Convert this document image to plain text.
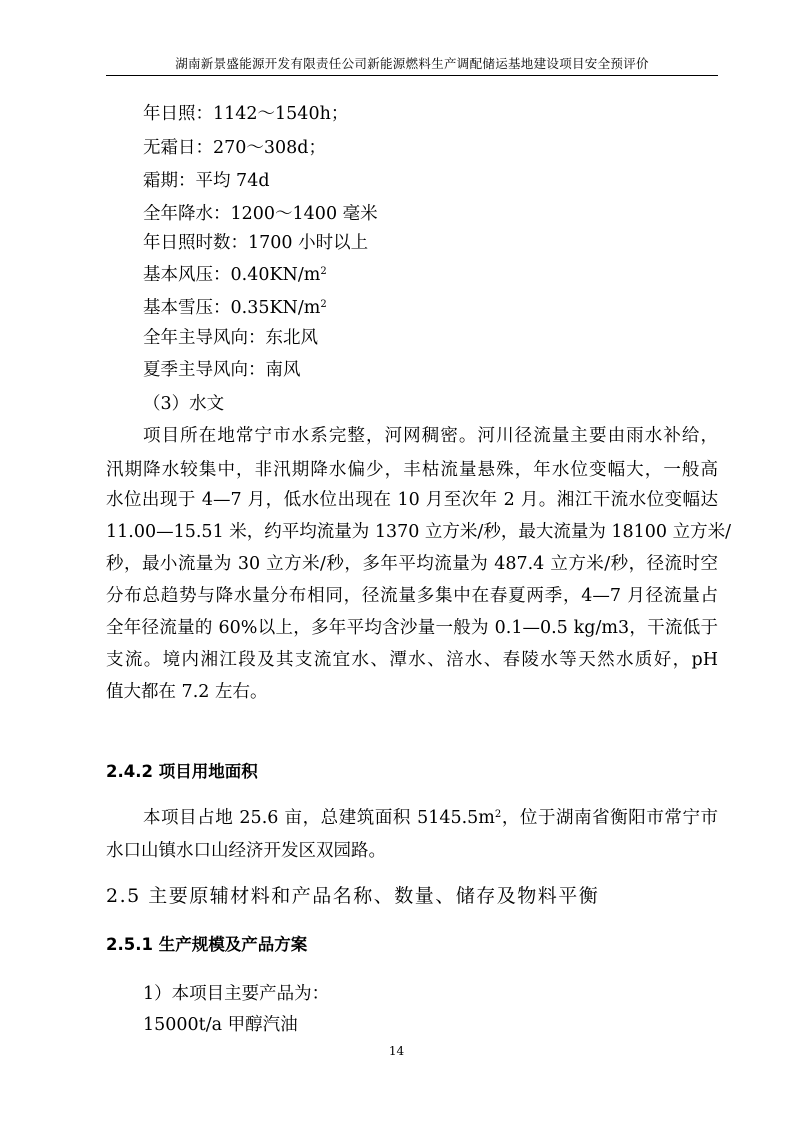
湖南新景盛能源开发有限责任公司新能源燃料生产调配储运基地建设项目安全预评价
年日照：1142～1540h；
无霜日：270～308d；
霜期：平均 74d
全年降水：1200～1400 毫米
年日照时数：1700 小时以上
基本风压：$0.40KN/m^2$
基本雪压：$0.35KN/m^2$
全年主导风向：东北风
夏季主导风向：南风
（3）水文
项目所在地常宁市水系完整，河网稠密。河川径流量主要由雨水补给，
汛期降水较集中，非汛期降水偏少，丰枯流量悬殊，年水位变幅大，一般高
水位出现于 4—7 月，低水位出现在 10 月至次年 2 月。湘江干流水位变幅达
11.00—15.51 米，约平均流量为 1370 立方米/秒，最大流量为 18100 立方米/
秒，最小流量为 30 立方米/秒，多年平均流量为 487.4 立方米/秒，径流时空
分布总趋势与降水量分布相同，径流量多集中在春夏两季，4—7 月径流量占
全年径流量的 60%以上，多年平均含沙量一般为 0.1—0.5 kg/m3，干流低于
支流。境内湘江段及其支流宜水、潭水、涪水、春陵水等天然水质好，pH
值大都在 7.2 左右。
2.4.2 项目用地面积
本项目占地 25.6 亩，总建筑面积 $5145.5m^2$，位于湖南省衡阳市常宁市
水口山镇水口山经济开发区双园路。
2.5 主要原辅材料和产品名称、数量、储存及物料平衡
2.5.1 生产规模及产品方案
1）本项目主要产品为：
15000t/a 甲醇汽油
14
